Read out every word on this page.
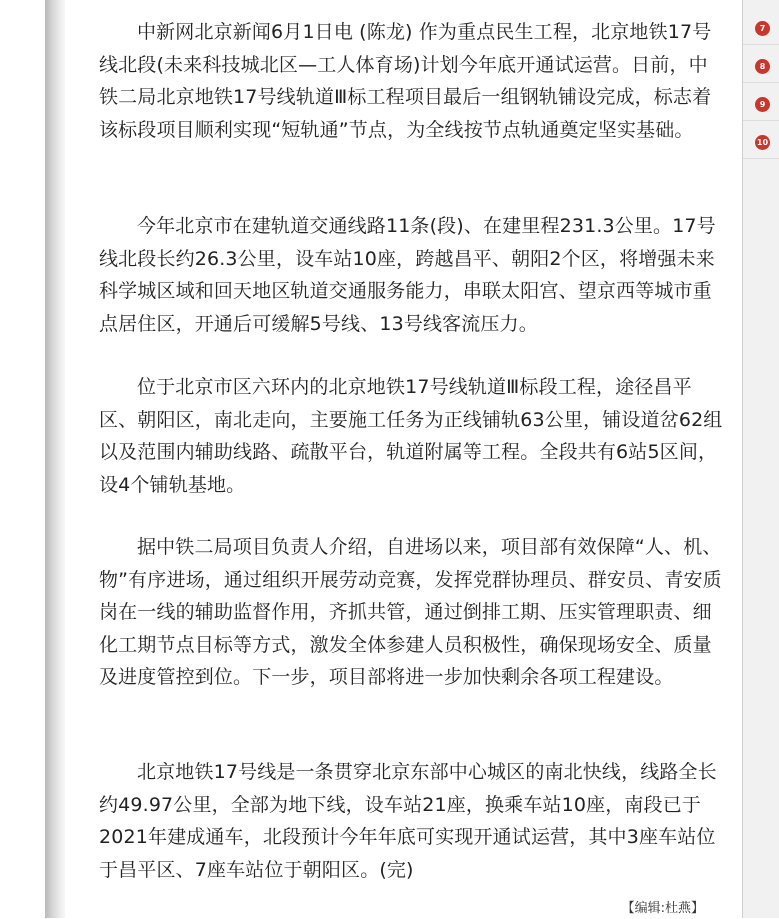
中新网北京新闻6月1日电 (陈龙) 作为重点民生工程，北京地铁17号线北段(未来科技城北区—工人体育场)计划今年底开通试运营。日前，中铁二局北京地铁17号线轨道Ⅲ标工程项目最后一组钢轨铺设完成，标志着该标段项目顺利实现“短轨通”节点，为全线按节点轨通奠定坚实基础。

今年北京市在建轨道交通线路11条(段)、在建里程231.3公里。17号线北段长约26.3公里，设车站10座，跨越昌平、朝阳2个区，将增强未来科学城区域和回天地区轨道交通服务能力，串联太阳宫、望京西等城市重点居住区，开通后可缓解5号线、13号线客流压力。

位于北京市区六环内的北京地铁17号线轨道Ⅲ标段工程，途径昌平区、朝阳区，南北走向，主要施工任务为正线铺轨63公里，铺设道岔62组以及范围内辅助线路、疏散平台，轨道附属等工程。全段共有6站5区间，设4个铺轨基地。

据中铁二局项目负责人介绍，自进场以来，项目部有效保障“人、机、物”有序进场，通过组织开展劳动竞赛，发挥党群协理员、群安员、青安质岗在一线的辅助监督作用，齐抓共管，通过倒排工期、压实管理职责、细化工期节点目标等方式，激发全体参建人员积极性，确保现场安全、质量及进度管控到位。下一步，项目部将进一步加快剩余各项工程建设。

北京地铁17号线是一条贯穿北京东部中心城区的南北快线，线路全长约49.97公里，全部为地下线，设车站21座，换乘车站10座，南段已于2021年建成通车，北段预计今年年底可实现开通试运营，其中3座车站位于昌平区、7座车站位于朝阳区。(完)

【编辑:杜燕】
7
8
9
10
